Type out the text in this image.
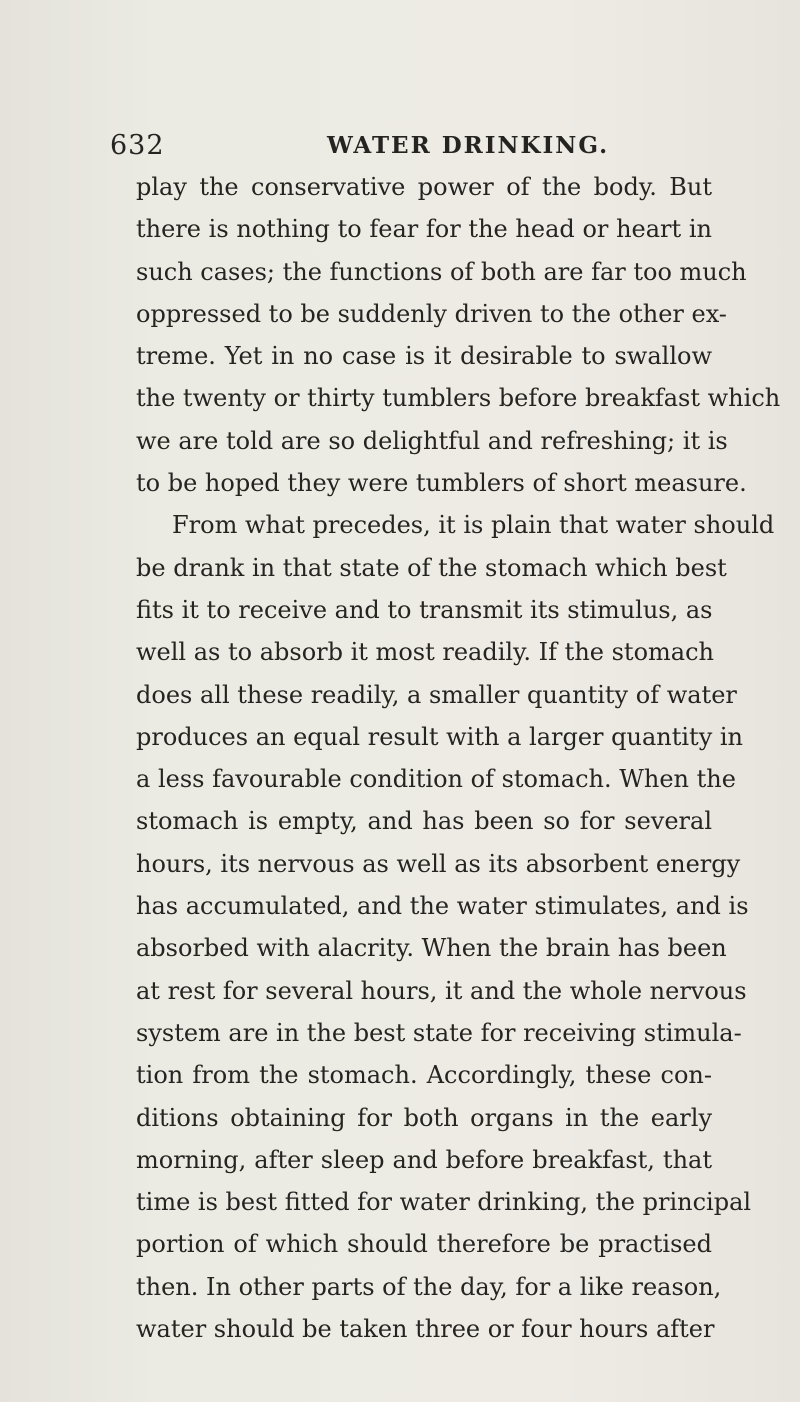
632	WATER DRINKING.
play the conservative power of the body. But
there is nothing to fear for the head or heart in
such cases; the functions of both are far too much
oppressed to be suddenly driven to the other ex-
treme. Yet in no case is it desirable to swallow
the twenty or thirty tumblers before breakfast which
we are told are so delightful and refreshing; it is
to be hoped they were tumblers of short measure.
From what precedes, it is plain that water should
be drank in that state of the stomach which best
fits it to receive and to transmit its stimulus, as
well as to absorb it most readily. If the stomach
does all these readily, a smaller quantity of water
produces an equal result with a larger quantity in
a less favourable condition of stomach. When the
stomach is empty, and has been so for several
hours, its nervous as well as its absorbent energy
has accumulated, and the water stimulates, and is
absorbed with alacrity. When the brain has been
at rest for several hours, it and the whole nervous
system are in the best state for receiving stimula-
tion from the stomach. Accordingly, these con-
ditions obtaining for both organs in the early
morning, after sleep and before breakfast, that
time is best fitted for water drinking, the principal
portion of which should therefore be practised
then. In other parts of the day, for a like reason,
water should be taken three or four hours after
